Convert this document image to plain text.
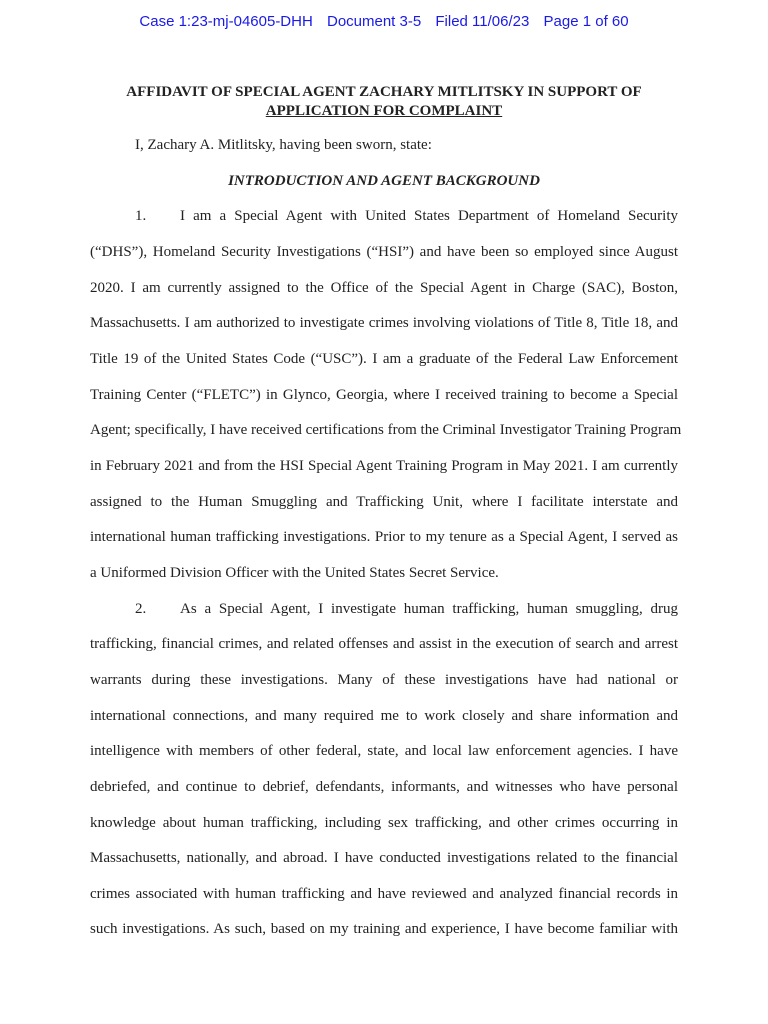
Case 1:23-mj-04605-DHH Document 3-5 Filed 11/06/23 Page 1 of 60
AFFIDAVIT OF SPECIAL AGENT ZACHARY MITLITSKY IN SUPPORT OF
APPLICATION FOR COMPLAINT
I, Zachary A. Mitlitsky, having been sworn, state:
INTRODUCTION AND AGENT BACKGROUND
1. I am a Special Agent with United States Department of Homeland Security
(“DHS”), Homeland Security Investigations (“HSI”) and have been so employed since August
2020. I am currently assigned to the Office of the Special Agent in Charge (SAC), Boston,
Massachusetts. I am authorized to investigate crimes involving violations of Title 8, Title 18, and
Title 19 of the United States Code (“USC”). I am a graduate of the Federal Law Enforcement
Training Center (“FLETC”) in Glynco, Georgia, where I received training to become a Special
Agent; specifically, I have received certifications from the Criminal Investigator Training Program
in February 2021 and from the HSI Special Agent Training Program in May 2021. I am currently
assigned to the Human Smuggling and Trafficking Unit, where I facilitate interstate and
international human trafficking investigations. Prior to my tenure as a Special Agent, I served as
a Uniformed Division Officer with the United States Secret Service.
2. As a Special Agent, I investigate human trafficking, human smuggling, drug
trafficking, financial crimes, and related offenses and assist in the execution of search and arrest
warrants during these investigations. Many of these investigations have had national or
international connections, and many required me to work closely and share information and
intelligence with members of other federal, state, and local law enforcement agencies. I have
debriefed, and continue to debrief, defendants, informants, and witnesses who have personal
knowledge about human trafficking, including sex trafficking, and other crimes occurring in
Massachusetts, nationally, and abroad. I have conducted investigations related to the financial
crimes associated with human trafficking and have reviewed and analyzed financial records in
such investigations. As such, based on my training and experience, I have become familiar with
